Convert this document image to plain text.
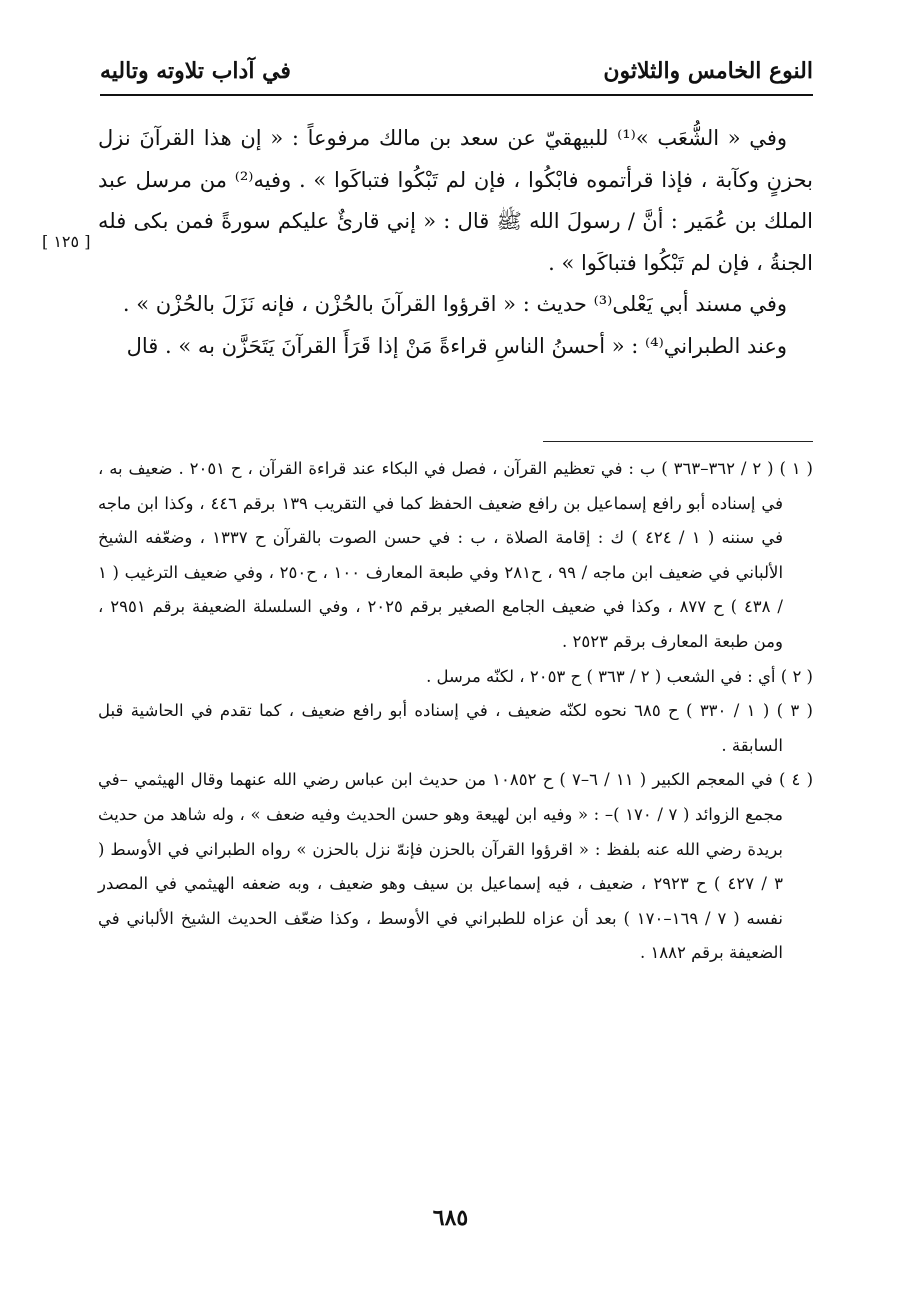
النوع الخامس والثلاثون
في آداب تلاوته وتاليه

وفي « الشُّعَب »⁽¹⁾ للبيهقيّ عن سعد بن مالك مرفوعاً : « إن هذا القرآنَ نزل بحزنٍ وكآبة ، فإذا قرأتموه فابْكُوا ، فإن لم تَبْكُوا فتباكَوا » . وفيه⁽²⁾ من مرسل عبد الملك بن عُمَير : أنَّ / رسولَ الله ﷺ قال : « إني قارئٌ عليكم سورةً فمن بكى فله الجنةُ ، فإن لم تَبْكُوا فتباكَوا » .

وفي مسند أبي يَعْلى⁽³⁾ حديث : « اقرؤوا القرآنَ بالحُزْن ، فإنه نَزَلَ بالحُزْن » .

وعند الطبراني⁽⁴⁾ : « أحسنُ الناسِ قراءةً مَنْ إذا قَرَأَ القرآنَ يَتَحَزَّن به » . قال

[ ١٢٥ ]

( ١ ) ( ٢ / ٣٦٢–٣٦٣ ) ب : في تعظيم القرآن ، فصل في البكاء عند قراءة القرآن ، ح ٢٠٥١ . ضعيف به ، في إسناده أبو رافع إسماعيل بن رافع ضعيف الحفظ كما في التقريب ١٣٩ برقم ٤٤٦ ، وكذا ابن ماجه في سننه ( ١ / ٤٢٤ ) ك : إقامة الصلاة ، ب : في حسن الصوت بالقرآن ح ١٣٣٧ ، وضعّفه الشيخ الألباني في ضعيف ابن ماجه / ٩٩ ، ح٢٨١ وفي طبعة المعارف ١٠٠ ، ح٢٥٠ ، وفي ضعيف الترغيب ( ١ / ٤٣٨ ) ح ٨٧٧ ، وكذا في ضعيف الجامع الصغير برقم ٢٠٢٥ ، وفي السلسلة الضعيفة برقم ٢٩٥١ ، ومن طبعة المعارف برقم ٢٥٢٣ .

( ٢ ) أي : في الشعب ( ٢ / ٣٦٣ ) ح ٢٠٥٣ ، لكنّه مرسل .

( ٣ ) ( ١ / ٣٣٠ ) ح ٦٨٥ نحوه لكنّه ضعيف ، في إسناده أبو رافع ضعيف ، كما تقدم في الحاشية قبل السابقة .

( ٤ ) في المعجم الكبير ( ١١ / ٦–٧ ) ح ١٠٨٥٢ من حديث ابن عباس رضي الله عنهما وقال الهيثمي –في مجمع الزوائد ( ٧ / ١٧٠ )– : « وفيه ابن لهيعة وهو حسن الحديث وفيه ضعف » ، وله شاهد من حديث بريدة رضي الله عنه بلفظ : « اقرؤوا القرآن بالحزن فإنهّ نزل بالحزن » رواه الطبراني في الأوسط ( ٣ / ٤٢٧ ) ح ٢٩٢٣ ، ضعيف ، فيه إسماعيل بن سيف وهو ضعيف ، وبه ضعفه الهيثمي في المصدر نفسه ( ٧ / ١٦٩–١٧٠ ) بعد أن عزاه للطبراني في الأوسط ، وكذا ضعّف الحديث الشيخ الألباني في الضعيفة برقم ١٨٨٢ .

٦٨٥
